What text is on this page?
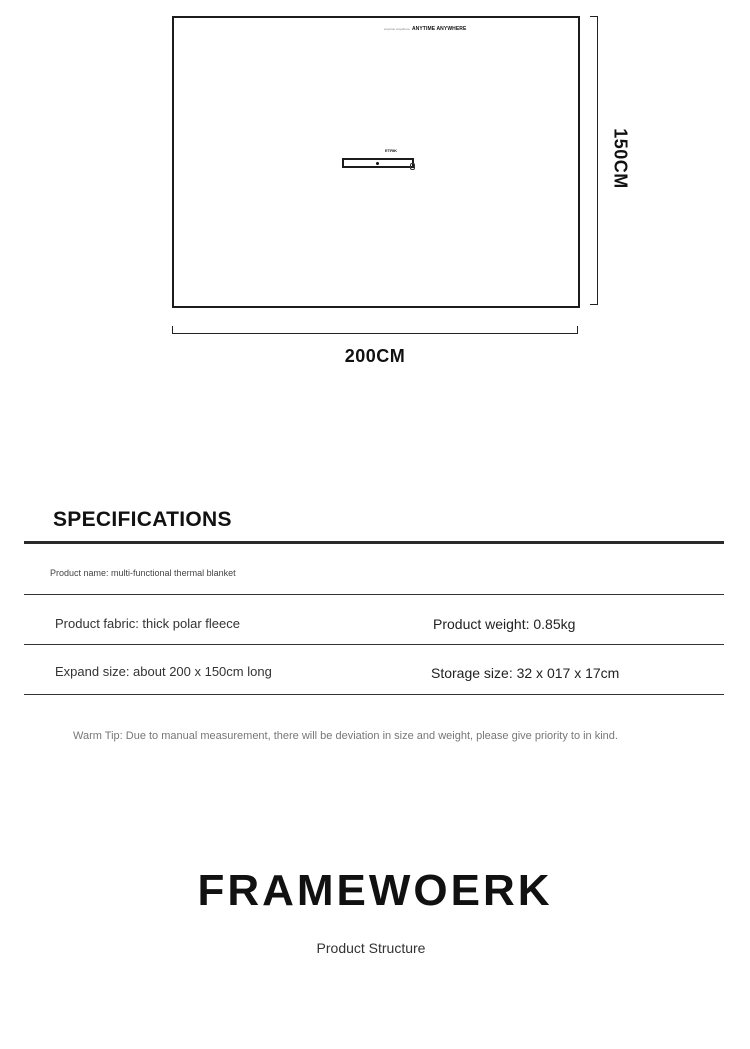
anytime anywhere ANYTIME ANYWHERE
ETRIK	150CM
200CM
SPECIFICATIONS
Product name: multi-functional thermal blanket
Product fabric: thick polar fleece	Product weight: 0.85kg
Expand size: about 200 x 150cm long	Storage size: 32 x 017 x 17cm
Warm Tip: Due to manual measurement, there will be deviation in size and weight, please give priority to in kind.
FRAMEWOERK
Product Structure
